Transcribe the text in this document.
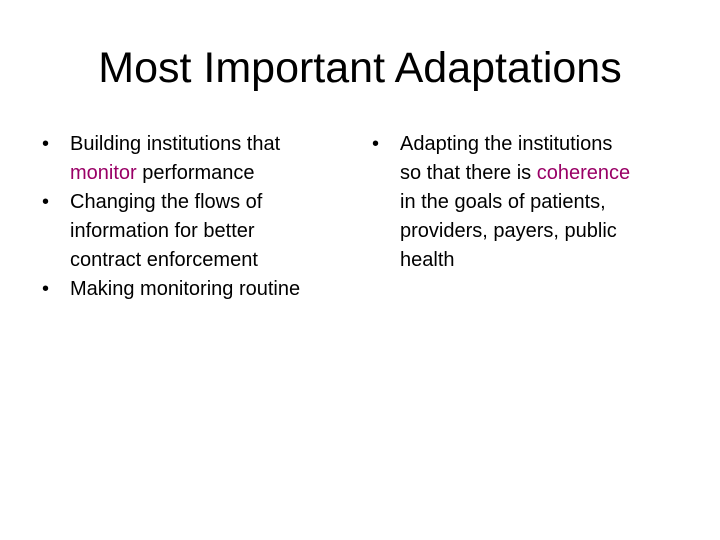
Most Important Adaptations
• Building institutions that
monitor performance
• Changing the flows of
information for better
contract enforcement
• Making monitoring routine
• Adapting the institutions
so that there is coherence
in the goals of patients,
providers, payers, public
health
